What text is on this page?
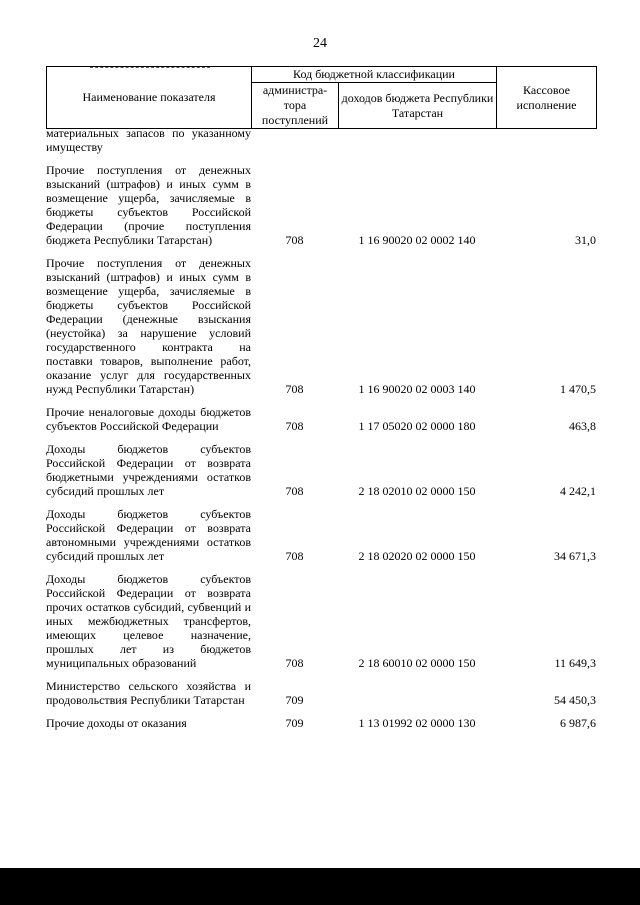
24
Наименование показателя	Код бюджетной классификации		Кассовое исполнение
	администра-тора поступлений	доходов бюджета Республики Татарстан	
материальных запасов по указанному имуществу			

Прочие поступления от денежных взысканий (штрафов) и иных сумм в возмещение ущерба, зачисляемые в бюджеты субъектов Российской Федерации (прочие поступления бюджета Республики Татарстан)	708	1 16 90020 02 0002 140	31,0

Прочие поступления от денежных взысканий (штрафов) и иных сумм в возмещение ущерба, зачисляемые в бюджеты субъектов Российской Федерации (денежные взыскания (неустойка) за нарушение условий государственного контракта на поставки товаров, выполнение работ, оказание услуг для государственных нужд Республики Татарстан)	708	1 16 90020 02 0003 140	1 470,5

Прочие неналоговые доходы бюджетов субъектов Российской Федерации	708	1 17 05020 02 0000 180	463,8

Доходы бюджетов субъектов Российской Федерации от возврата бюджетными учреждениями остатков субсидий прошлых лет	708	2 18 02010 02 0000 150	4 242,1

Доходы бюджетов субъектов Российской Федерации от возврата автономными учреждениями остатков субсидий прошлых лет	708	2 18 02020 02 0000 150	34 671,3

Доходы бюджетов субъектов Российской Федерации от возврата прочих остатков субсидий, субвенций и иных межбюджетных трансфертов, имеющих целевое назначение, прошлых лет из бюджетов муниципальных образований	708	2 18 60010 02 0000 150	11 649,3

Министерство сельского хозяйства и продовольствия Республики Татарстан	709		54 450,3

Прочие доходы от оказания	709	1 13 01992 02 0000 130	6 987,6
